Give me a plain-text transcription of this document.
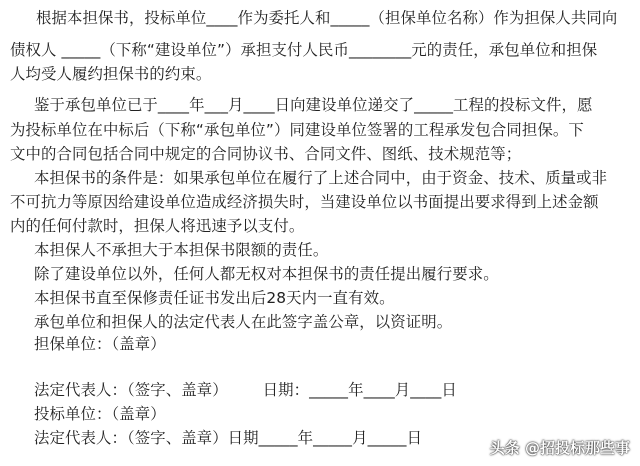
根据本担保书，投标单位____作为委托人和_____（担保单位名称）作为担保人共同向
债权人 _____（下称“建设单位”）承担支付人民币________元的责任，承包单位和担保
人均受人履约担保书的约束。
鉴于承包单位已于____年___月____日向建设单位递交了_____工程的投标文件，愿
为投标单位在中标后（下称“承包单位”）同建设单位签署的工程承发包合同担保。下
文中的合同包括合同中规定的合同协议书、合同文件、图纸、技术规范等；
本担保书的条件是：如果承包单位在履行了上述合同中，由于资金、技术、质量或非
不可抗力等原因给建设单位造成经济损失时，当建设单位以书面提出要求得到上述金额
内的任何付款时，担保人将迅速予以支付。
本担保人不承担大于本担保书限额的责任。
除了建设单位以外，任何人都无权对本担保书的责任提出履行要求。
本担保书直至保修责任证书发出后28天内一直有效。
承包单位和担保人的法定代表人在此签字盖公章，以资证明。
担保单位：（盖章）
法定代表人：（签字、盖章）       日期：_____年____月____日
投标单位：（盖章）
法定代表人：（签字、盖章）日期_____年_____月_____日
头条 @招投标那些事
